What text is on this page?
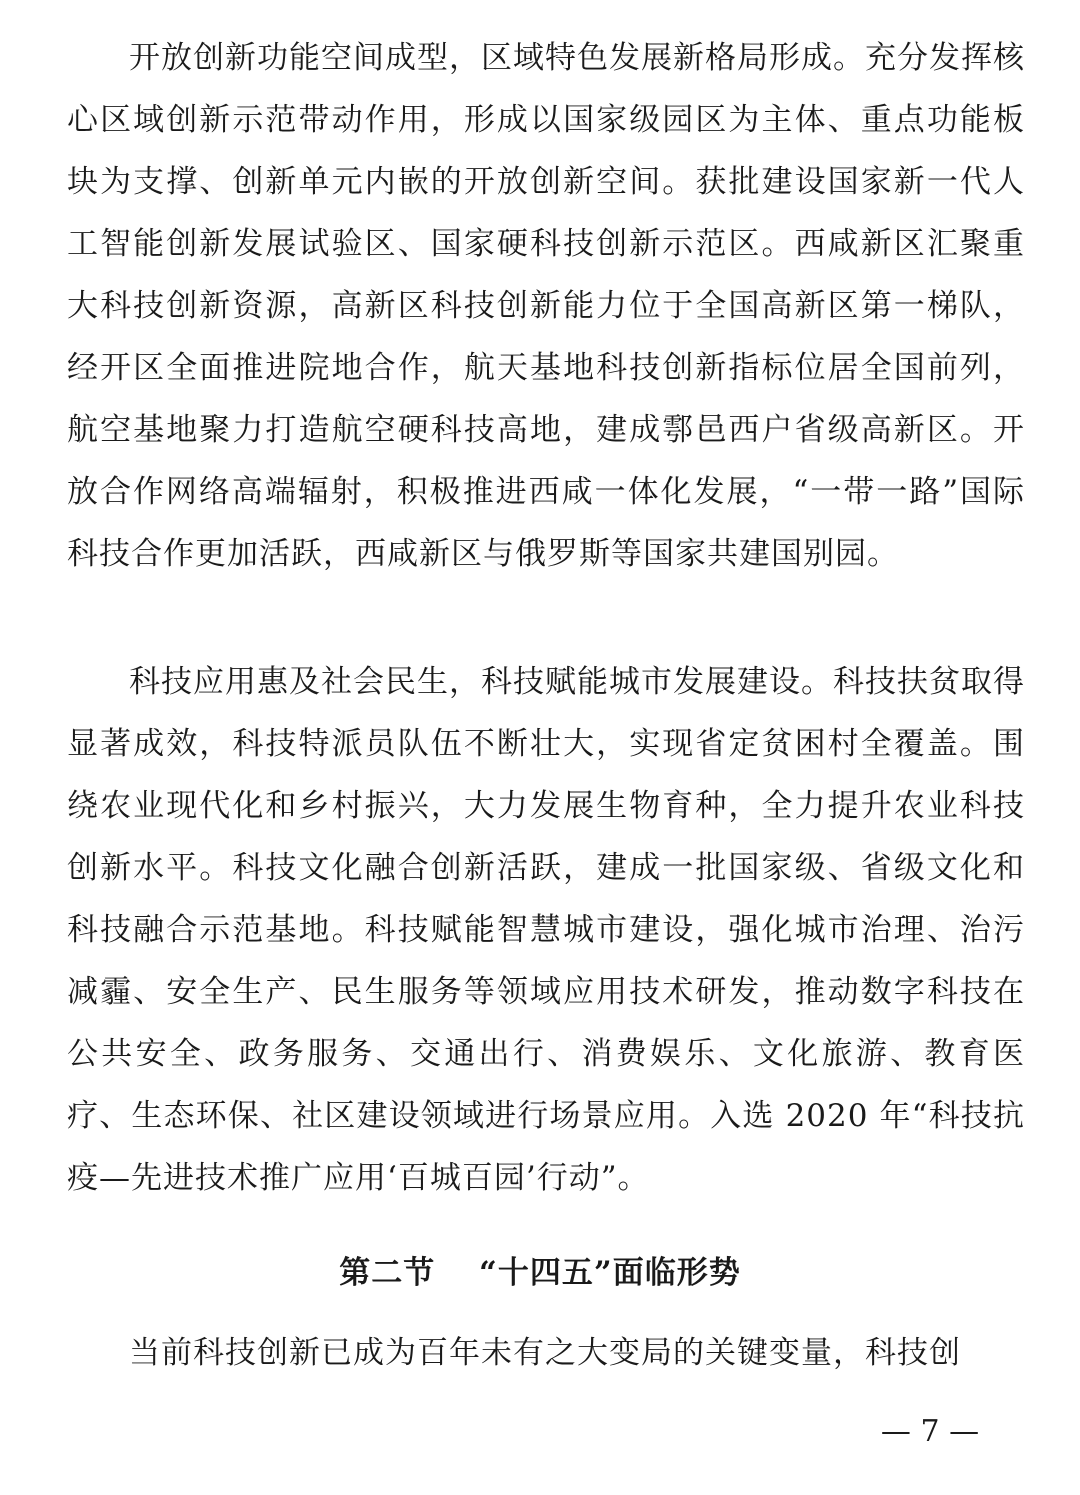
开放创新功能空间成型，区域特色发展新格局形成。充分发挥核心区域创新示范带动作用，形成以国家级园区为主体、重点功能板块为支撑、创新单元内嵌的开放创新空间。获批建设国家新一代人工智能创新发展试验区、国家硬科技创新示范区。西咸新区汇聚重大科技创新资源，高新区科技创新能力位于全国高新区第一梯队，经开区全面推进院地合作，航天基地科技创新指标位居全国前列，航空基地聚力打造航空硬科技高地，建成鄠邑西户省级高新区。开放合作网络高端辐射，积极推进西咸一体化发展，“一带一路”国际科技合作更加活跃，西咸新区与俄罗斯等国家共建国别园。

科技应用惠及社会民生，科技赋能城市发展建设。科技扶贫取得显著成效，科技特派员队伍不断壮大，实现省定贫困村全覆盖。围绕农业现代化和乡村振兴，大力发展生物育种，全力提升农业科技创新水平。科技文化融合创新活跃，建成一批国家级、省级文化和科技融合示范基地。科技赋能智慧城市建设，强化城市治理、治污减霾、安全生产、民生服务等领域应用技术研发，推动数字科技在公共安全、政务服务、交通出行、消费娱乐、文化旅游、教育医疗、生态环保、社区建设领域进行场景应用。入选 2020 年“科技抗疫—先进技术推广应用‘百城百园’行动”。

第二节　 “十四五”面临形势

当前科技创新已成为百年未有之大变局的关键变量，科技创

— 7 —
